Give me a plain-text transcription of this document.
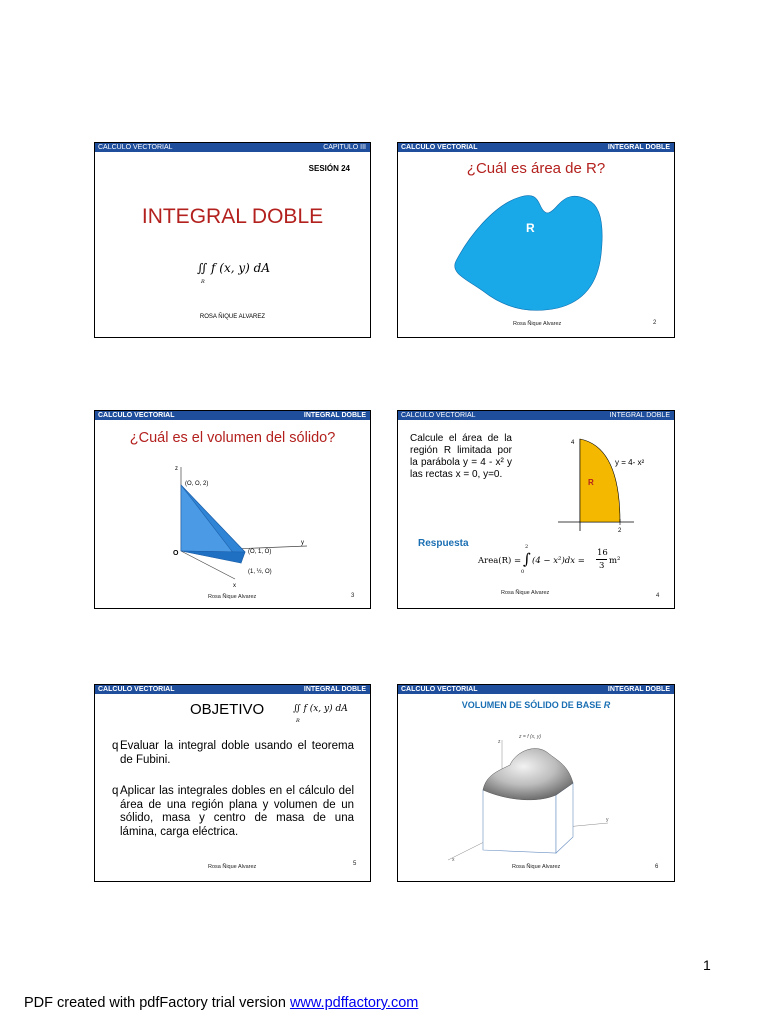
CALCULO VECTORIAL	CAPITULO III
SESIÓN 24
INTEGRAL DOBLE
∬ f (x, y) dA
R
ROSA ÑIQUE ALVAREZ
CALCULO VECTORIAL	INTEGRAL DOBLE
¿Cuál es área de R?
R
Rosa Ñique Alvarez	2
CALCULO VECTORIAL	INTEGRAL DOBLE
¿Cuál es el volumen del sólido?
z
y
x
O
(O, O, 2)
(O, 1, O)
(1, ½, O)
Rosa Ñique Alvarez	3
CALCULO VECTORIAL	INTEGRAL DOBLE
Calcule el área de la región R limitada por la parábola y = 4 - x² y las rectas x = 0, y=0.
4
2
y = 4- x²
R
Respuesta
Area(R) = ∫
2
0
(4 − x²)dx =
16
3 m²
Rosa Ñique Alvarez	4
CALCULO VECTORIAL	INTEGRAL DOBLE
OBJETIVO	∬ f (x, y) dA
R
q Evaluar la integral doble usando el teorema de Fubini.
q Aplicar las integrales dobles en el cálculo del área de una región plana y volumen de un sólido, masa y centro de masa de una lámina, carga eléctrica.
Rosa Ñique Alvarez	5
CALCULO VECTORIAL	INTEGRAL DOBLE
VOLUMEN DE SÓLIDO DE BASE R
z = f (x, y)
z
y
x
Rosa Ñique Alvarez	6
1
PDF created with pdfFactory trial version www.pdffactory.com
